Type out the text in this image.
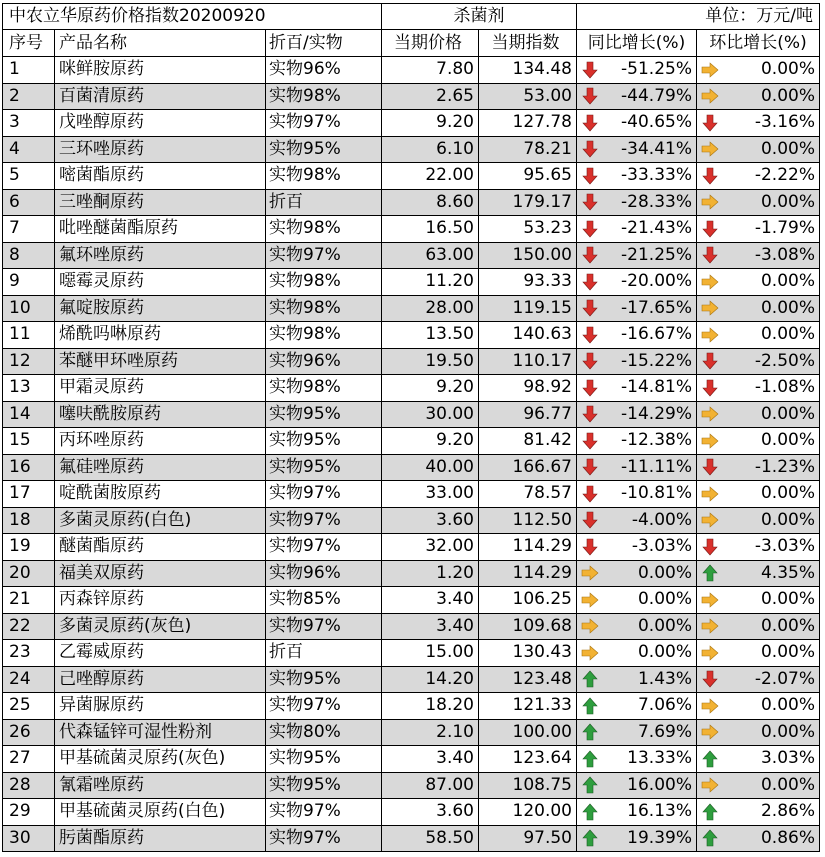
中农立华原药价格指数20200920	杀菌剂	单位：万元/吨
序号 产品名称	折百/实物	当期价格	当期指数	同比增长(%)	环比增长(%)
1	咪鲜胺原药	实物96%	7.80	134.48	-51.25%	0.00%
2	百菌清原药	实物98%	2.65	53.00	-44.79%	0.00%
3	戊唑醇原药	实物97%	9.20	127.78	-40.65%	-3.16%
4	三环唑原药	实物95%	6.10	78.21	-34.41%	0.00%
5	嘧菌酯原药	实物98%	22.00	95.65	-33.33%	-2.22%
6	三唑酮原药	折百	8.60	179.17	-28.33%	0.00%
7	吡唑醚菌酯原药	实物98%	16.50	53.23	-21.43%	-1.79%
8	氟环唑原药	实物97%	63.00	150.00	-21.25%	-3.08%
9	噁霉灵原药	实物98%	11.20	93.33	-20.00%	0.00%
10	氟啶胺原药	实物98%	28.00	119.15	-17.65%	0.00%
11	烯酰吗啉原药	实物98%	13.50	140.63	-16.67%	0.00%
12	苯醚甲环唑原药	实物96%	19.50	110.17	-15.22%	-2.50%
13	甲霜灵原药	实物98%	9.20	98.92	-14.81%	-1.08%
14	噻呋酰胺原药	实物95%	30.00	96.77	-14.29%	0.00%
15	丙环唑原药	实物95%	9.20	81.42	-12.38%	0.00%
16	氟硅唑原药	实物95%	40.00	166.67	-11.11%	-1.23%
17	啶酰菌胺原药	实物97%	33.00	78.57	-10.81%	0.00%
18	多菌灵原药(白色)	实物97%	3.60	112.50	-4.00%	0.00%
19	醚菌酯原药	实物97%	32.00	114.29	-3.03%	-3.03%
20	福美双原药	实物96%	1.20	114.29	0.00%	4.35%
21	丙森锌原药	实物85%	3.40	106.25	0.00%	0.00%
22	多菌灵原药(灰色)	实物97%	3.40	109.68	0.00%	0.00%
23	乙霉威原药	折百	15.00	130.43	0.00%	0.00%
24	己唑醇原药	实物95%	14.20	123.48	1.43%	-2.07%
25	异菌脲原药	实物97%	18.20	121.33	7.06%	0.00%
26	代森锰锌可湿性粉剂	实物80%	2.10	100.00	7.69%	0.00%
27	甲基硫菌灵原药(灰色)	实物95%	3.40	123.64	13.33%	3.03%
28	氰霜唑原药	实物95%	87.00	108.75	16.00%	0.00%
29	甲基硫菌灵原药(白色)	实物97%	3.60	120.00	16.13%	2.86%
30	肟菌酯原药	实物97%	58.50	97.50	19.39%	0.86%
